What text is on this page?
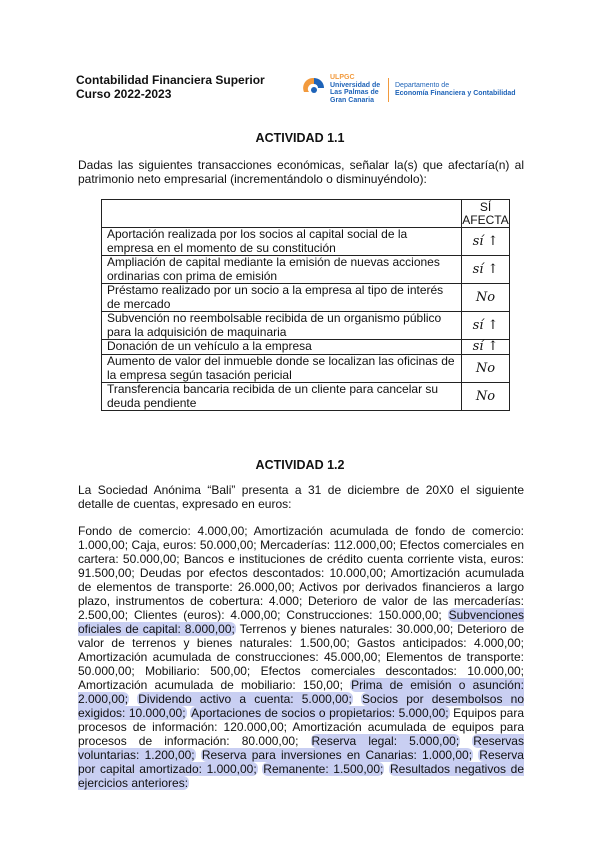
Contabilidad Financiera Superior
Curso 2022-2023
ULPGC
Universidad de
Las Palmas de
Gran Canaria
Departamento de
Economía Financiera y Contabilidad
ACTIVIDAD 1.1
Dadas las siguientes transacciones económicas, señalar la(s) que afectaría(n) al patrimonio neto empresarial (incrementándolo o disminuyéndolo):

	SÍ
AFECTA

Aportación realizada por los socios al capital social de la empresa en el momento de su constitución	sí ↑
Ampliación de capital mediante la emisión de nuevas acciones ordinarias con prima de emisión	sí ↑
Préstamo realizado por un socio a la empresa al tipo de interés de mercado	No
Subvención no reembolsable recibida de un organismo público para la adquisición de maquinaria	sí ↑
Donación de un vehículo a la empresa	sí ↑
Aumento de valor del inmueble donde se localizan las oficinas de la empresa según tasación pericial	No
Transferencia bancaria recibida de un cliente para cancelar su deuda pendiente	No
ACTIVIDAD 1.2
La Sociedad Anónima “Bali” presenta a 31 de diciembre de 20X0 el siguiente detalle de cuentas, expresado en euros:
Fondo de comercio: 4.000,00; Amortización acumulada de fondo de comercio: 1.000,00; Caja, euros: 50.000,00; Mercaderías: 112.000,00; Efectos comerciales en cartera: 50.000,00; Bancos e instituciones de crédito cuenta corriente vista, euros: 91.500,00; Deudas por efectos descontados: 10.000,00; Amortización acumulada de elementos de transporte: 26.000,00; Activos por derivados financieros a largo plazo, instrumentos de cobertura: 4.000; Deterioro de valor de las mercaderías: 2.500,00; Clientes (euros): 4.000,00; Construcciones: 150.000,00; Subvenciones oficiales de capital: 8.000,00; Terrenos y bienes naturales: 30.000,00; Deterioro de valor de terrenos y bienes naturales: 1.500,00; Gastos anticipados: 4.000,00; Amortización acumulada de construcciones: 45.000,00; Elementos de transporte: 50.000,00; Mobiliario: 500,00; Efectos comerciales descontados: 10.000,00; Amortización acumulada de mobiliario: 150,00; Prima de emisión o asunción: 2.000,00; Dividendo activo a cuenta: 5.000,00; Socios por desembolsos no exigidos: 10.000,00; Aportaciones de socios o propietarios: 5.000,00; Equipos para procesos de información: 120.000,00; Amortización acumulada de equipos para procesos de información: 80.000,00; Reserva legal: 5.000,00; Reservas voluntarias: 1.200,00; Reserva para inversiones en Canarias: 1.000,00; Reserva por capital amortizado: 1.000,00; Remanente: 1.500,00; Resultados negativos de ejercicios anteriores:
